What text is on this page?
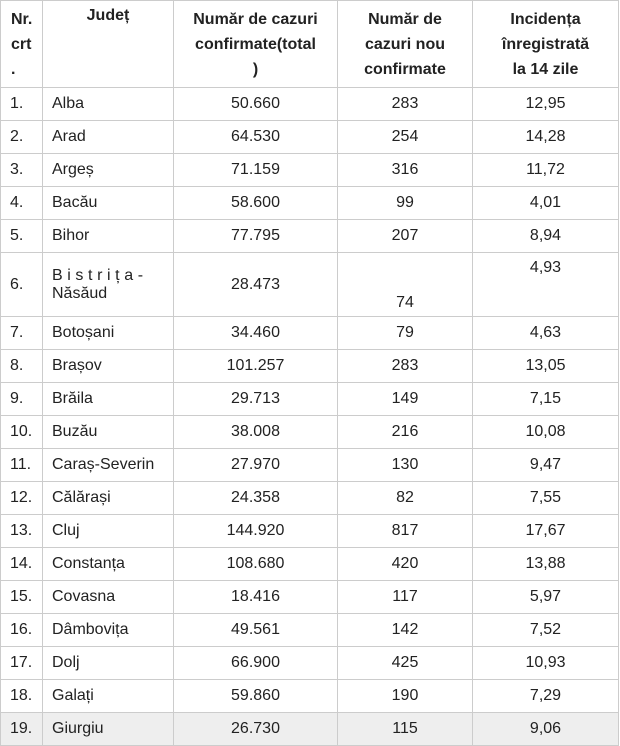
Nr.
crt
.	Județ	Număr de cazuri
confirmate(total
)	Număr de
cazuri nou
confirmate	Incidența
înregistrată
la 14 zile
1.	Alba	50.660	283	12,95
2.	Arad	64.530	254	14,28
3.	Argeș	71.159	316	11,72
4.	Bacău	58.600	99	4,01
5.	Bihor	77.795	207	8,94
6.	Bistrița-
Năsăud	28.473	74	4,93
7.	Botoșani	34.460	79	4,63
8.	Brașov	101.257	283	13,05
9.	Brăila	29.713	149	7,15
10.	Buzău	38.008	216	10,08
11.	Caraș-Severin	27.970	130	9,47
12.	Călărași	24.358	82	7,55
13.	Cluj	144.920	817	17,67
14.	Constanța	108.680	420	13,88
15.	Covasna	18.416	117	5,97
16.	Dâmbovița	49.561	142	7,52
17.	Dolj	66.900	425	10,93
18.	Galați	59.860	190	7,29
19.	Giurgiu	26.730	115	9,06
